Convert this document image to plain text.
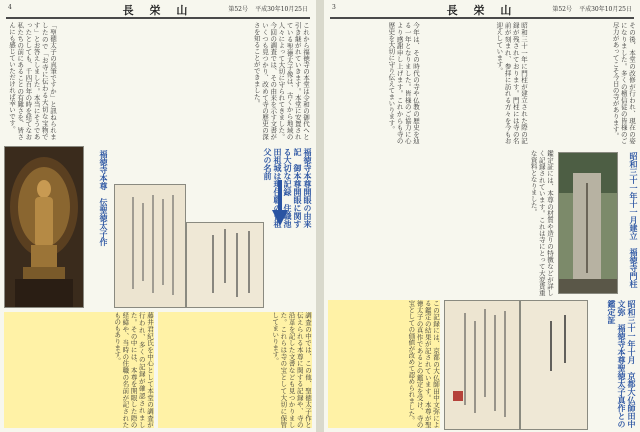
4	長 栄 山	第52号 平成30年10月25日
「聖徳太子の真筆ですか」と訊ねられましたので「お寺に伝わる大切な宝物です」とお答えしました。本当にそうであったとしても、千四百年の時を経てなお私たちの前にあることの有難さを、皆さんにも感じていただければ幸いです。	これから福徳寺の本堂は令和の御代へと引き継がれていきます。本堂に安置されている聖徳太子像は、古くから地域の人々によって大切に守られてきました。今回の調査では、その由来を示す文書がいくつも見つかり、改めて寺の歴史の深さを知ることができました。
福徳寺本尊　伝聖徳太子作	福徳寺本尊開眼の由来記　御本尊開眼に関する大切な記録　住職池田祖城は現住職の曾祖父の名前
藤井君紀氏を中心として本堂の調査が行われ、多くの記録が確認されました。その中には、本尊を開眼した際の経緯や、当時の住職の名前が記されたものもあります。	調査の中では、この他、聖徳太子作と伝えられる本尊に関する記録や、寺の沿革を記した文書なども見つかりました。これらは寺の宝として大切に保管してまいります。
3	長 栄 山	第52号 平成30年10月25日
今年は、その時代の寺や仏教の歴史を辿る一年となりました。皆様のご協力に心より感謝申し上げます。これからも寺の歴史を大切に守り伝えてまいります。	昭和三十一年に門柱が建立された際の記録が残されております。門柱には寺の名前が刻まれ、参拝に訪れる方々を今もお迎えしています。	その後、本堂の改修が行われ、現在の姿になりました。多くの檀信徒の皆様のご尽力があってこそ今日の寺があります。
昭和三十一年十一月建立　福徳寺門柱
鑑定証には、本尊の材質や造りの特徴などが詳しく記録されています。これは寺にとって大変貴重な資料となりました。
昭和三十一年十月　京都大仏師田中文弥　福徳寺本尊聖徳太子真作との鑑定証
この記録には、京都の大仏師田中文弥による鑑定の結果が記されています。本尊が聖徳太子の真作であるとの鑑定を受け、寺の宝としての価値が改めて認められました。
